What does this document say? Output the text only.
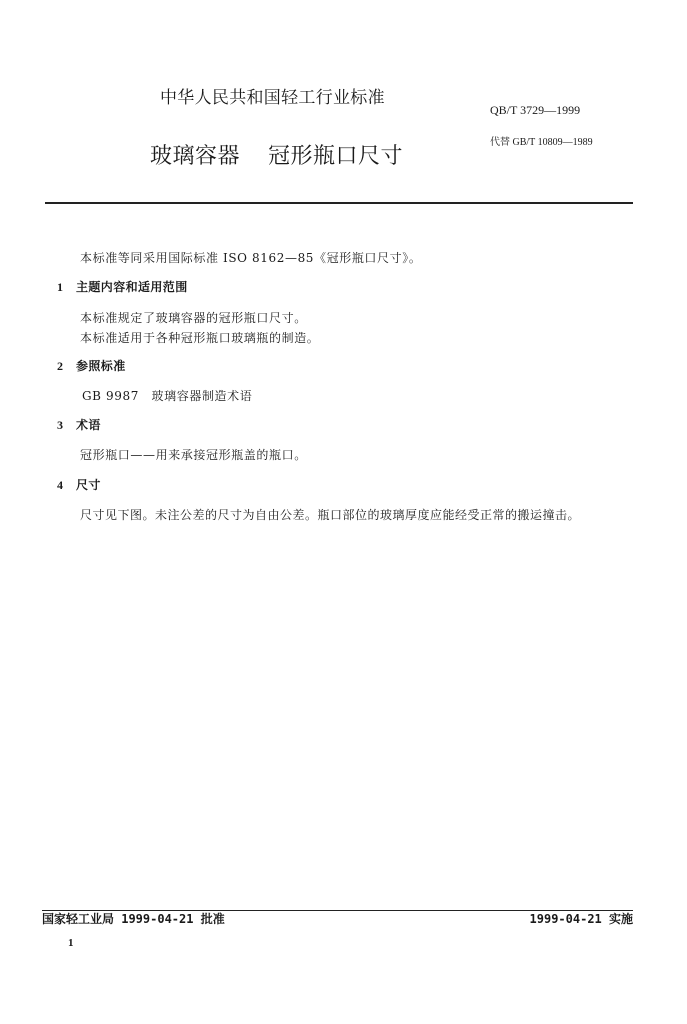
中华人民共和国轻工行业标准
QB/T 3729—1999
代替 GB/T 10809—1989
玻璃容器 冠形瓶口尺寸
本标准等同采用国际标准 ISO 8162—85《冠形瓶口尺寸》。
1 主题内容和适用范围
本标准规定了玻璃容器的冠形瓶口尺寸。
本标准适用于各种冠形瓶口玻璃瓶的制造。
2 参照标准
GB 9987　玻璃容器制造术语
3 术语
冠形瓶口——用来承接冠形瓶盖的瓶口。
4 尺寸
尺寸见下图。未注公差的尺寸为自由公差。瓶口部位的玻璃厚度应能经受正常的搬运撞击。
国家轻工业局 1999-04-21 批准	1999-04-21 实施
1
